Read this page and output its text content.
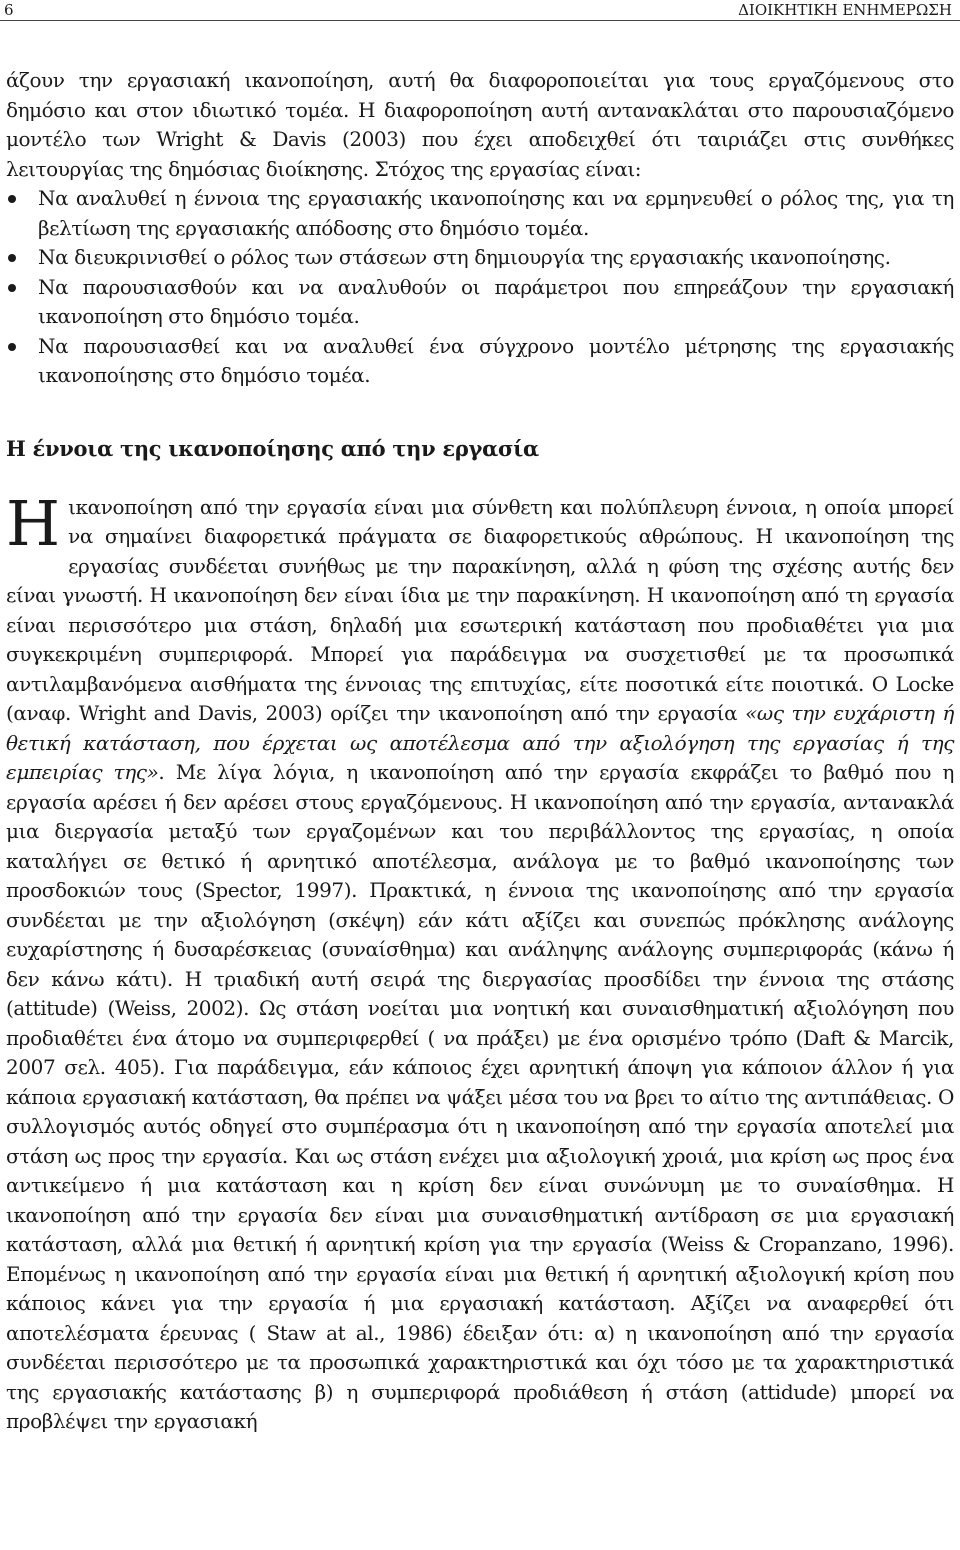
6	ΔΙΟΙΚΗΤΙΚΗ ΕΝΗΜΕΡΩΣΗ

άζουν την εργασιακή ικανοποίηση, αυτή θα διαφοροποιείται για τους εργαζόμενους στο δημόσιο και στον ιδιωτικό τομέα. Η διαφοροποίηση αυτή αντανακλάται στο παρουσιαζόμενο μοντέλο των Wright & Davis (2003) που έχει αποδειχθεί ότι ταιριάζει στις συνθήκες λειτουργίας της δημόσιας διοίκησης. Στόχος της εργασίας είναι:

Να αναλυθεί η έννοια της εργασιακής ικανοποίησης και να ερμηνευθεί ο ρόλος της, για τη βελτίωση της εργασιακής απόδοσης στο δημόσιο τομέα.
Να διευκρινισθεί ο ρόλος των στάσεων στη δημιουργία της εργασιακής ικανοποίησης.
Να παρουσιασθούν και να αναλυθούν οι παράμετροι που επηρεάζουν την εργασιακή ικανοποίηση στο δημόσιο τομέα.
Να παρουσιασθεί και να αναλυθεί ένα σύγχρονο μοντέλο μέτρησης της εργασιακής ικανοποίησης στο δημόσιο τομέα.
Η έννοια της ικανοποίησης από την εργασία
Η ικανοποίηση από την εργασία είναι μια σύνθετη και πολύπλευρη έννοια, η οποία μπορεί να σημαίνει διαφορετικά πράγματα σε διαφορετικούς αθρώπους. Η ικανοποίηση της εργασίας συνδέεται συνήθως με την παρακίνηση, αλλά η φύση της σχέσης αυτής δεν είναι γνωστή. Η ικανοποίηση δεν είναι ίδια με την παρακίνηση. Η ικανοποίηση από τη εργασία είναι περισσότερο μια στάση, δηλαδή μια εσωτερική κατάσταση που προδιαθέτει για μια συγκεκριμένη συμπεριφορά. Μπορεί για παράδειγμα να συσχετισθεί με τα προσωπικά αντιλαμβανόμενα αισθήματα της έννοιας της επιτυχίας, είτε ποσοτικά είτε ποιοτικά. Ο Locke (αναφ. Wright and Davis, 2003) ορίζει την ικανοποίηση από την εργασία «ως την ευχάριστη ή θετική κατάσταση, που έρχεται ως αποτέλεσμα από την αξιολόγηση της εργασίας ή της εμπειρίας της». Με λίγα λόγια, η ικανοποίηση από την εργασία εκφράζει το βαθμό που η εργασία αρέσει ή δεν αρέσει στους εργαζόμενους. Η ικανοποίηση από την εργασία, αντανακλά μια διεργασία μεταξύ των εργαζομένων και του περιβάλλοντος της εργασίας, η οποία καταλήγει σε θετικό ή αρνητικό αποτέλεσμα, ανάλογα με το βαθμό ικανοποίησης των προσδοκιών τους (Spector, 1997). Πρακτικά, η έννοια της ικανοποίησης από την εργασία συνδέεται με την αξιολόγηση (σκέψη) εάν κάτι αξίζει και συνεπώς πρόκλησης ανάλογης ευχαρίστησης ή δυσαρέσκειας (συναίσθημα) και ανάληψης ανάλογης συμπεριφοράς (κάνω ή δεν κάνω κάτι). Η τριαδική αυτή σειρά της διεργασίας προσδίδει την έννοια της στάσης (attitude) (Weiss, 2002). Ως στάση νοείται μια νοητική και συναισθηματική αξιολόγηση που προδιαθέτει ένα άτομο να συμπεριφερθεί ( να πράξει) με ένα ορισμένο τρόπο (Daft & Marcik, 2007 σελ. 405). Για παράδειγμα, εάν κάποιος έχει αρνητική άποψη για κάποιον άλλον ή για κάποια εργασιακή κατάσταση, θα πρέπει να ψάξει μέσα του να βρει το αίτιο της αντιπάθειας. Ο συλλογισμός αυτός οδηγεί στο συμπέρασμα ότι η ικανοποίηση από την εργασία αποτελεί μια στάση ως προς την εργασία. Και ως στάση ενέχει μια αξιολογική χροιά, μια κρίση ως προς ένα αντικείμενο ή μια κατάσταση και η κρίση δεν είναι συνώνυμη με το συναίσθημα. Η ικανοποίηση από την εργασία δεν είναι μια συναισθηματική αντίδραση σε μια εργασιακή κατάσταση, αλλά μια θετική ή αρνητική κρίση για την εργασία (Weiss & Cropanzano, 1996). Επομένως η ικανοποίηση από την εργασία είναι μια θετική ή αρνητική αξιολογική κρίση που κάποιος κάνει για την εργασία ή μια εργασιακή κατάσταση. Αξίζει να αναφερθεί ότι αποτελέσματα έρευνας ( Staw at al., 1986) έδειξαν ότι: α) η ικανοποίηση από την εργασία συνδέεται περισσότερο με τα προσωπικά χαρακτηριστικά και όχι τόσο με τα χαρακτηριστικά της εργασιακής κατάστασης β) η συμπεριφορά προδιάθεση ή στάση (attidude) μπορεί να προβλέψει την εργασιακή
